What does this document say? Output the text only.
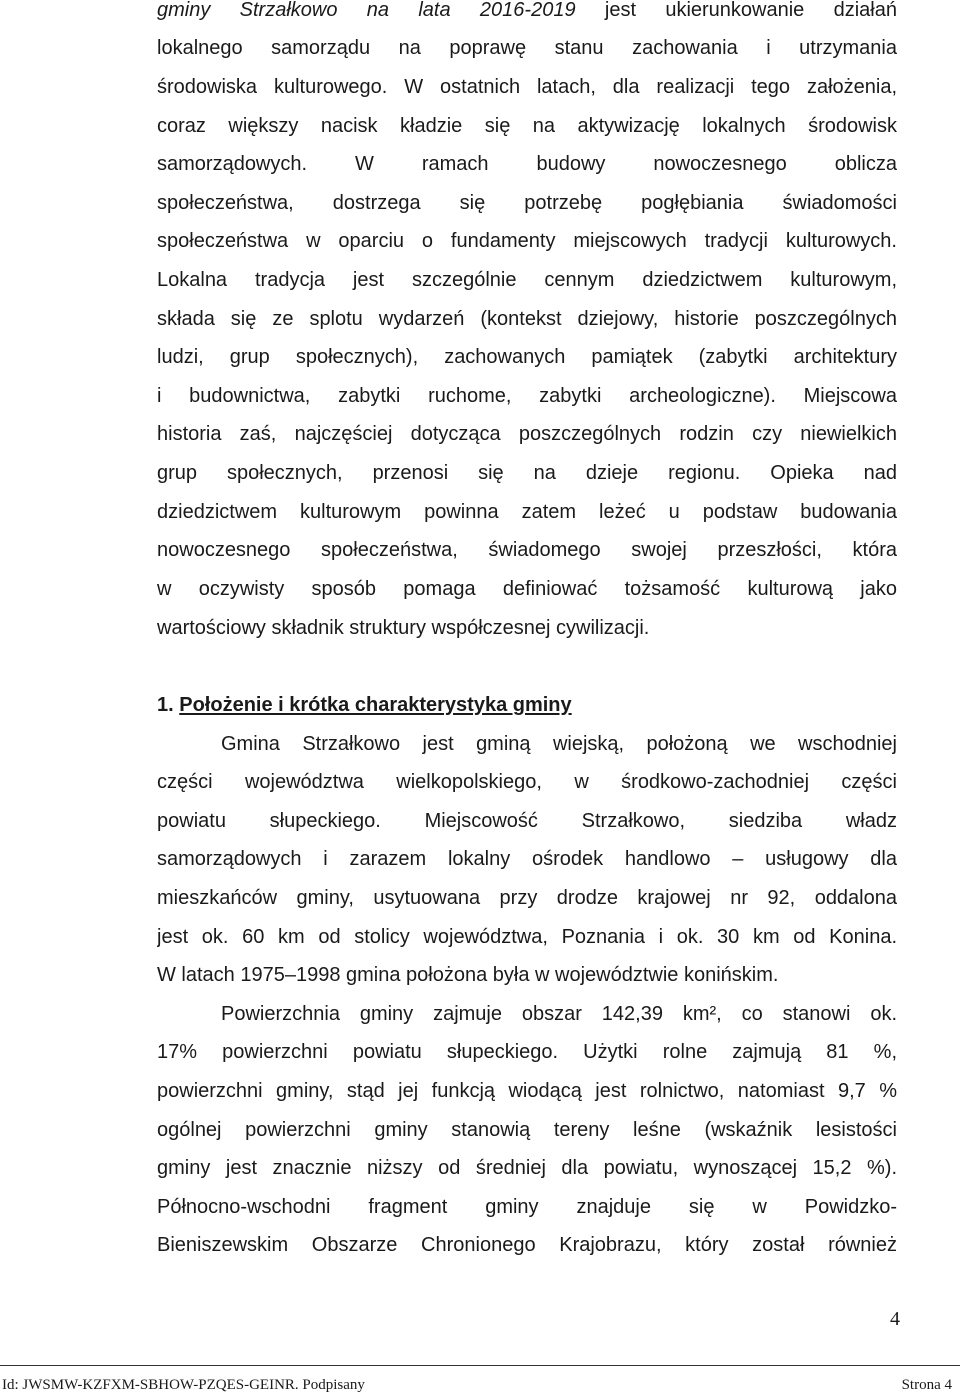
gminy Strzałkowo na lata 2016-2019 jest ukierunkowanie działań
lokalnego samorządu na poprawę stanu zachowania i utrzymania
środowiska kulturowego. W ostatnich latach, dla realizacji tego założenia,
coraz większy nacisk kładzie się na aktywizację lokalnych środowisk
samorządowych. W ramach budowy nowoczesnego oblicza
społeczeństwa, dostrzega się potrzebę pogłębiania świadomości
społeczeństwa w oparciu o fundamenty miejscowych tradycji kulturowych.
Lokalna tradycja jest szczególnie cennym dziedzictwem kulturowym,
składa się ze splotu wydarzeń (kontekst dziejowy, historie poszczególnych
ludzi, grup społecznych), zachowanych pamiątek (zabytki architektury
i budownictwa, zabytki ruchome, zabytki archeologiczne). Miejscowa
historia zaś, najczęściej dotycząca poszczególnych rodzin czy niewielkich
grup społecznych, przenosi się na dzieje regionu. Opieka nad
dziedzictwem kulturowym powinna zatem leżeć u podstaw budowania
nowoczesnego społeczeństwa, świadomego swojej przeszłości, która
w oczywisty sposób pomaga definiować tożsamość kulturową jako
wartościowy składnik struktury współczesnej cywilizacji.
1. Położenie i krótka charakterystyka gminy
Gmina Strzałkowo jest gminą wiejską, położoną we wschodniej
części województwa wielkopolskiego, w środkowo-zachodniej części
powiatu słupeckiego. Miejscowość Strzałkowo, siedziba władz
samorządowych i zarazem lokalny ośrodek handlowo – usługowy dla
mieszkańców gminy, usytuowana przy drodze krajowej nr 92, oddalona
jest ok. 60 km od stolicy województwa, Poznania i ok. 30 km od Konina.
W latach 1975–1998 gmina położona była w województwie konińskim.
Powierzchnia gminy zajmuje obszar 142,39 km², co stanowi ok.
17% powierzchni powiatu słupeckiego. Użytki rolne zajmują 81 %,
powierzchni gminy, stąd jej funkcją wiodącą jest rolnictwo, natomiast 9,7 %
ogólnej powierzchni gminy stanowią tereny leśne (wskaźnik lesistości
gminy jest znacznie niższy od średniej dla powiatu, wynoszącej 15,2 %).
Północno-wschodni fragment gminy znajduje się w Powidzko-
Bieniszewskim Obszarze Chronionego Krajobrazu, który został również
4
Id: JWSMW-KZFXM-SBHOW-PZQES-GEINR. Podpisany	Strona 4
